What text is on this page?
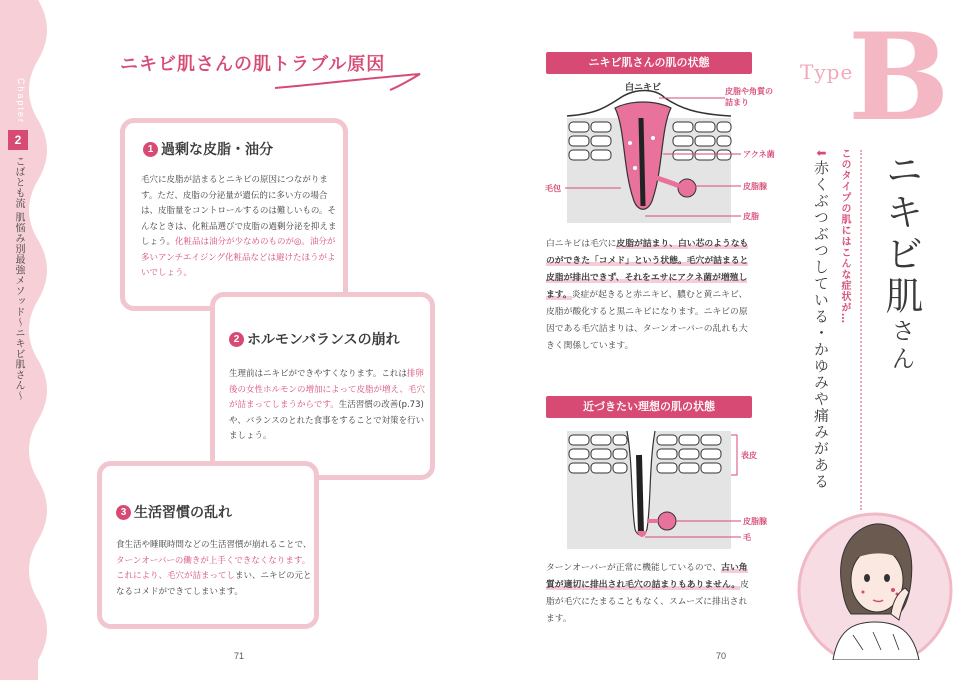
Chapter
2
こばとも流 肌悩み別最強メソッド〜ニキビ肌さん〜
ニキビ肌さんの肌トラブル原因
1 過剰な皮脂・油分
毛穴に皮脂が詰まるとニキビの原因につながります。ただ、皮脂の分泌量が遺伝的に多い方の場合は、皮脂量をコントロールするのは難しいもの。そんなときは、化粧品選びで皮脂の過剰分泌を抑えましょう。化粧品は油分が少なめのものが◎。油分が多いアンチエイジング化粧品などは避けたほうがよいでしょう。
2 ホルモンバランスの崩れ
生理前はニキビができやすくなります。これは排卵後の女性ホルモンの増加によって皮脂が増え、毛穴が詰まってしまうからです。生活習慣の改善(p.73) や、バランスのとれた食事をすることで対策を行いましょう。
3 生活習慣の乱れ
食生活や睡眠時間などの生活習慣が崩れることで、ターンオーバーの働きが上手くできなくなります。これにより、毛穴が詰まってしまい、ニキビの元となるコメドができてしまいます。
71
ニキビ肌さんの肌の状態
白ニキビ	皮脂や角質の
詰まり
アクネ菌
毛包	皮脂腺
皮脂
白ニキビは毛穴に皮脂が詰まり、白い芯のようなものができた「コメド」という状態。毛穴が詰まると皮脂が排出できず、それをエサにアクネ菌が増殖します。炎症が起きると赤ニキビ、膿むと黄ニキビ、皮脂が酸化すると黒ニキビになります。ニキビの原因である毛穴詰まりは、ターンオーバーの乱れも大きく関係しています。
近づきたい理想の肌の状態
表皮
皮脂腺
毛
ターンオーバーが正常に機能しているので、古い角質が適切に排出され毛穴の詰まりもありません。皮脂が毛穴にたまることもなく、スムーズに排出されます。
70
Type
B
ニキビ肌さん
このタイプの肌にはこんな症状が…
⬇赤くぶつぶつしている・かゆみや痛みがある
